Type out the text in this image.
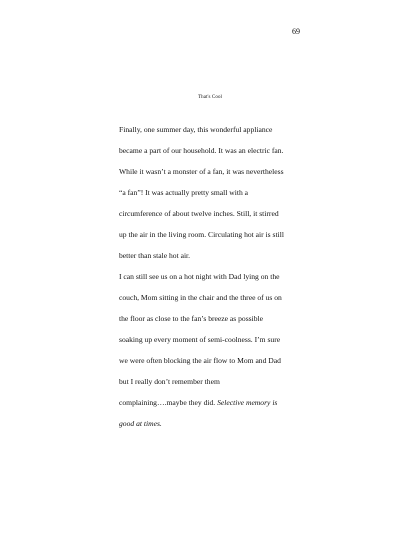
69

That's Cool

Finally, one summer day, this wonderful appliance
became a part of our household. It was an electric fan.
While it wasn’t a monster of a fan, it was nevertheless
“a fan”! It was actually pretty small with a
circumference of about twelve inches. Still, it stirred
up the air in the living room. Circulating hot air is still
better than stale hot air.
I can still see us on a hot night with Dad lying on the
couch, Mom sitting in the chair and the three of us on
the floor as close to the fan’s breeze as possible
soaking up every moment of semi-coolness. I’m sure
we were often blocking the air flow to Mom and Dad
but I really don’t remember them
complaining….maybe they did. Selective memory is
good at times.
